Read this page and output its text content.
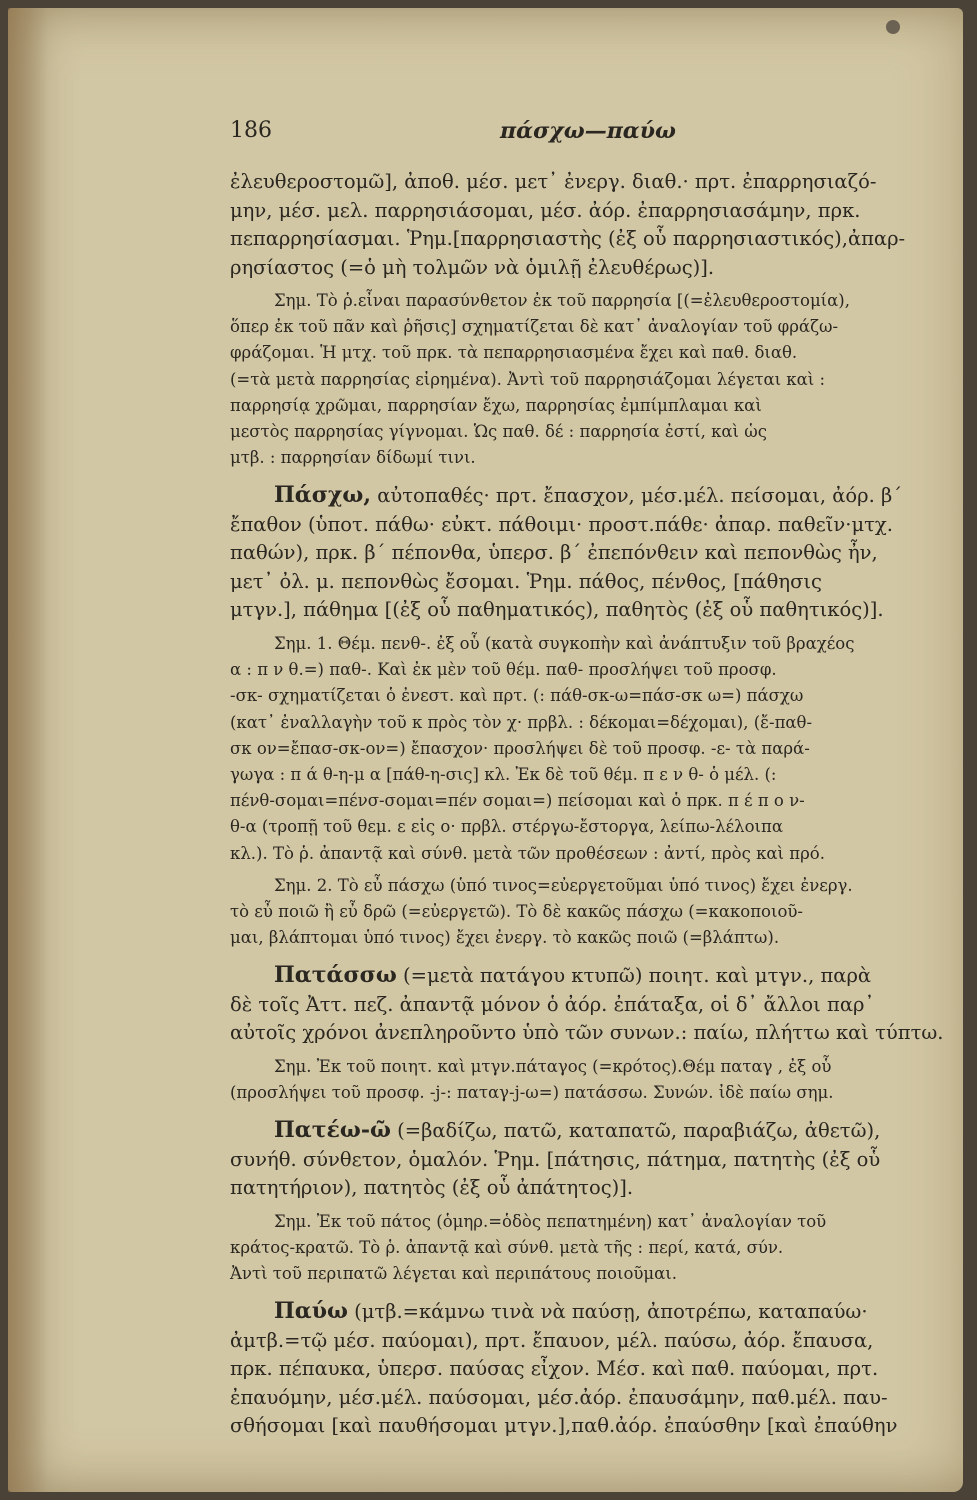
186	πάσχω—παύω
ἐλευθεροστομῶ], ἀποθ. μέσ. μετ᾽ ἐνεργ. διαθ.· πρτ. ἐπαρρησιαζό-
μην, μέσ. μελ. παρρησιάσομαι, μέσ. ἀόρ. ἐπαρρησιασάμην, πρκ.
πεπαρρησίασμαι. Ῥημ.[παρρησιαστὴς (ἐξ οὗ παρρησιαστικός),ἀπαρ-
ρησίαστος (=ὁ μὴ τολμῶν νὰ ὁμιλῇ ἐλευθέρως)].
Σημ. Τὸ ῥ.εἶναι παρασύνθετον ἐκ τοῦ παρρησία [(=ἐλευθεροστομία),
ὅπερ ἐκ τοῦ πᾶν καὶ ῥῆσις] σχηματίζεται δὲ κατ᾽ ἀναλογίαν τοῦ φράζω-
φράζομαι. Ἡ μτχ. τοῦ πρκ. τὰ πεπαρρησιασμένα ἔχει καὶ παθ. διαθ.
(=τὰ μετὰ παρρησίας εἰρημένα). Ἀντὶ τοῦ παρρησιάζομαι λέγεται καὶ :
παρρησίᾳ χρῶμαι, παρρησίαν ἔχω, παρρησίας ἐμπίμπλαμαι καὶ
μεστὸς παρρησίας γίγνομαι. Ὡς παθ. δέ : παρρησία ἐστί, καὶ ὡς
μτβ. : παρρησίαν δίδωμί τινι.
Πάσχω, αὐτοπαθές· πρτ. ἔπασχον, μέσ.μέλ. πείσομαι, ἀόρ. β´
ἔπαθον (ὑποτ. πάθω· εὐκτ. πάθοιμι· προστ.πάθε· ἀπαρ. παθεῖν·μτχ.
παθών), πρκ. β´ πέπονθα, ὑπερσ. β´ ἐπεπόνθειν καὶ πεπονθὼς ἦν,
μετ᾽ ὀλ. μ. πεπονθὼς ἔσομαι. Ῥημ. πάθος, πένθος, [πάθησις
μτγν.], πάθημα [(ἐξ οὗ παθηματικός), παθητὸς (ἐξ οὗ παθητικός)].
Σημ. 1. Θέμ. πενθ-. ἐξ οὗ (κατὰ συγκοπὴν καὶ ἀνάπτυξιν τοῦ βραχέος
α : π ν θ.=) παθ-. Καὶ ἐκ μὲν τοῦ θέμ. παθ- προσλήψει τοῦ προσφ.
-σκ- σχηματίζεται ὁ ἐνεστ. καὶ πρτ. (: πάθ-σκ-ω=πάσ-σκ ω=) πάσχω
(κατ᾽ ἐναλλαγὴν τοῦ κ πρὸς τὸν χ· πρβλ. : δέκομαι=δέχομαι), (ἔ-παθ-
σκ ον=ἔπασ-σκ-ον=) ἔπασχον· προσλήψει δὲ τοῦ προσφ. -ε- τὰ παρά-
γωγα : π ά θ-η-μ α [πάθ-η-σις] κλ. Ἐκ δὲ τοῦ θέμ. π ε ν θ- ὁ μέλ. (:
πένθ-σομαι=πένσ-σομαι=πέν σομαι=) πείσομαι καὶ ὁ πρκ. π έ π ο ν-
θ-α (τροπῇ τοῦ θεμ. ε εἰς ο· πρβλ. στέργω-ἔστοργα, λείπω-λέλοιπα
κλ.). Τὸ ῥ. ἀπαντᾷ καὶ σύνθ. μετὰ τῶν προθέσεων : ἀντί, πρὸς καὶ πρό.
Σημ. 2. Τὸ εὖ πάσχω (ὑπό τινος=εὐεργετοῦμαι ὑπό τινος) ἔχει ἐνεργ.
τὸ εὖ ποιῶ ἢ εὖ δρῶ (=εὐεργετῶ). Τὸ δὲ κακῶς πάσχω (=κακοποιοῦ-
μαι, βλάπτομαι ὑπό τινος) ἔχει ἐνεργ. τὸ κακῶς ποιῶ (=βλάπτω).
Πατάσσω (=μετὰ πατάγου κτυπῶ) ποιητ. καὶ μτγν., παρὰ
δὲ τοῖς Ἀττ. πεζ. ἀπαντᾷ μόνον ὁ ἀόρ. ἐπάταξα, οἱ δ᾽ ἄλλοι παρ᾽
αὐτοῖς χρόνοι ἀνεπληροῦντο ὑπὸ τῶν συνων.: παίω, πλήττω καὶ τύπτω.
Σημ. Ἐκ τοῦ ποιητ. καὶ μτγν.πάταγος (=κρότος).Θέμ παταγ , ἐξ οὗ
(προσλήψει τοῦ προσφ. -j-: παταγ-j-ω=) πατάσσω. Συνών. ἰδὲ παίω σημ.
Πατέω-ῶ (=βαδίζω, πατῶ, καταπατῶ, παραβιάζω, ἀθετῶ),
συνήθ. σύνθετον, ὁμαλόν. Ῥημ. [πάτησις, πάτημα, πατητὴς (ἐξ οὗ
πατητήριον), πατητὸς (ἐξ οὗ ἀπάτητος)].
Σημ. Ἐκ τοῦ πάτος (ὁμηρ.=ὁδὸς πεπατημένη) κατ᾽ ἀναλογίαν τοῦ
κράτος-κρατῶ. Τὸ ῥ. ἀπαντᾷ καὶ σύνθ. μετὰ τῆς : περί, κατά, σύν.
Ἀντὶ τοῦ περιπατῶ λέγεται καὶ περιπάτους ποιοῦμαι.
Παύω (μτβ.=κάμνω τινὰ νὰ παύσῃ, ἀποτρέπω, καταπαύω·
ἀμτβ.=τῷ μέσ. παύομαι), πρτ. ἔπαυον, μέλ. παύσω, ἀόρ. ἔπαυσα,
πρκ. πέπαυκα, ὑπερσ. παύσας εἶχον. Μέσ. καὶ παθ. παύομαι, πρτ.
ἐπαυόμην, μέσ.μέλ. παύσομαι, μέσ.ἀόρ. ἐπαυσάμην, παθ.μέλ. παυ-
σθήσομαι [καὶ παυθήσομαι μτγν.],παθ.ἀόρ. ἐπαύσθην [καὶ ἐπαύθην
